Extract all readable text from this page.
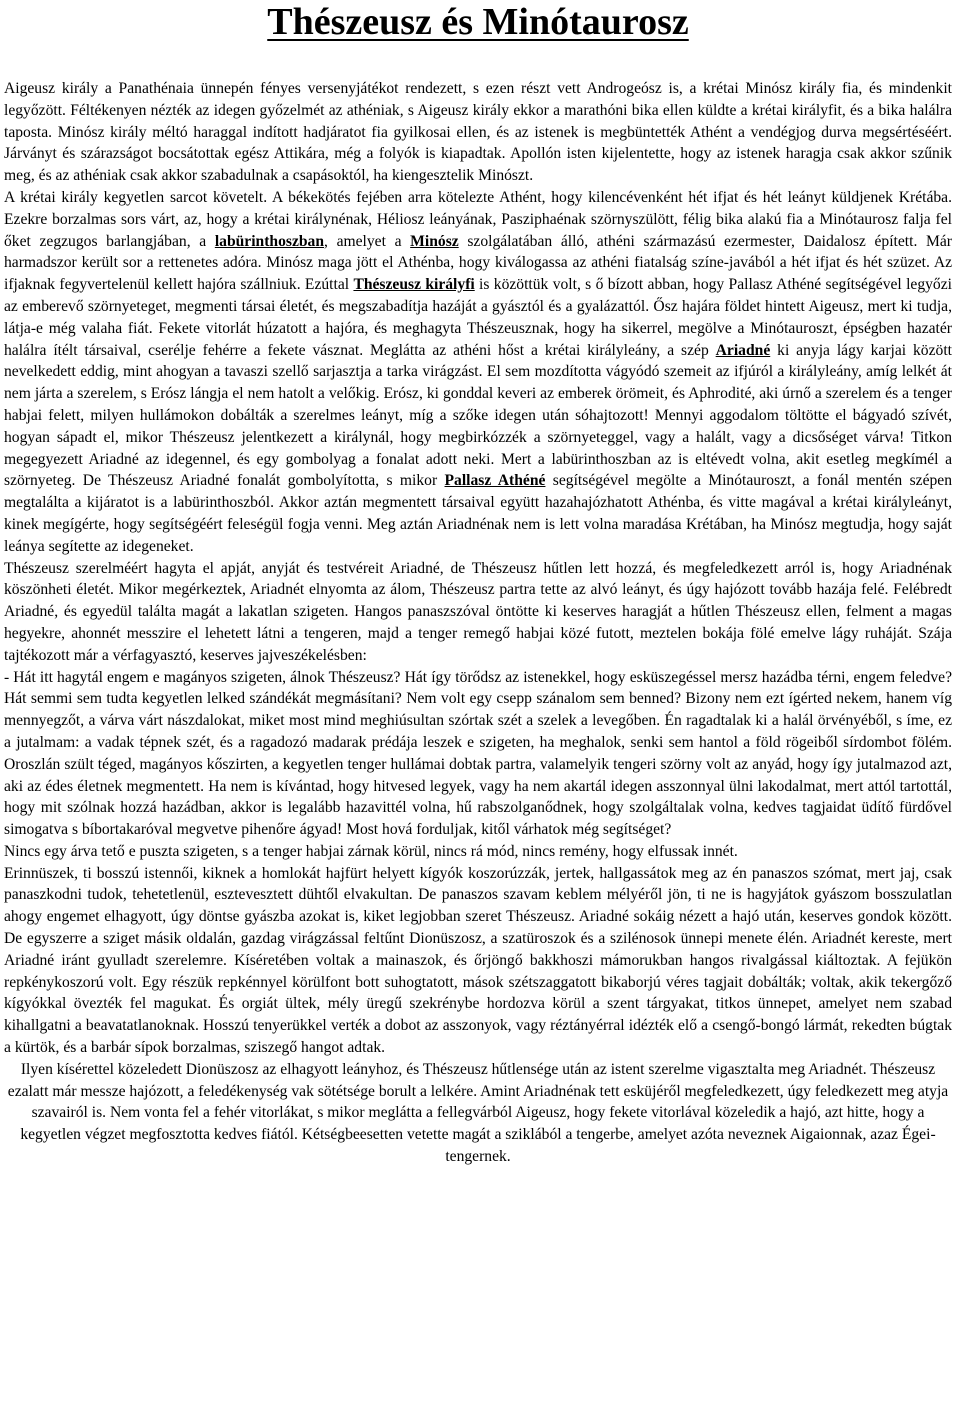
Thészeusz és Minótaurosz

Aigeusz király a Panathénaia ünnepén fényes versenyjátékot rendezett, s ezen részt vett Androgeósz is, a krétai Minósz király fia, és mindenkit legyőzött. Féltékenyen nézték az idegen győzelmét az athéniak, s Aigeusz király ekkor a marathóni bika ellen küldte a krétai királyfit, és a bika halálra taposta. Minósz király méltó haraggal indított hadjáratot fia gyilkosai ellen, és az istenek is megbüntették Athént a vendégjog durva megsértéséért. Járványt és szárazságot bocsátottak egész Attikára, még a folyók is kiapadtak. Apollón isten kijelentette, hogy az istenek haragja csak akkor szűnik meg, és az athéniak csak akkor szabadulnak a csapásoktól, ha kiengesztelik Minószt.

A krétai király kegyetlen sarcot követelt. A békekötés fejében arra kötelezte Athént, hogy kilencévenként hét ifjat és hét leányt küldjenek Krétába. Ezekre borzalmas sors várt, az, hogy a krétai királynénak, Héliosz leányának, Pasziphaénak szörnyszülött, félig bika alakú fia a Minótaurosz falja fel őket zegzugos barlangjában, a labürinthoszban, amelyet a Minósz szolgálatában álló, athéni származású ezermester, Daidalosz épített. Már harmadszor került sor a rettenetes adóra. Minósz maga jött el Athénba, hogy kiválogassa az athéni fiatalság színe-javából a hét ifjat és hét szüzet. Az ifjaknak fegyvertelenül kellett hajóra szállniuk. Ezúttal Thészeusz királyfi is közöttük volt, s ő bízott abban, hogy Pallasz Athéné segítségével legyőzi az emberevő szörnyeteget, megmenti társai életét, és megszabadítja hazáját a gyásztól és a gyalázattól. Ősz hajára földet hintett Aigeusz, mert ki tudja, látja-e még valaha fiát. Fekete vitorlát húzatott a hajóra, és meghagyta Thészeusznak, hogy ha sikerrel, megölve a Minótauroszt, épségben hazatér halálra ítélt társaival, cserélje fehérre a fekete vásznat. Meglátta az athéni hőst a krétai királyleány, a szép Ariadné ki anyja lágy karjai között nevelkedett eddig, mint ahogyan a tavaszi szellő sarjasztja a tarka virágzást. El sem mozdította vágyódó szemeit az ifjúról a királyleány, amíg lelkét át nem járta a szerelem, s Erósz lángja el nem hatolt a velőkig. Erósz, ki gonddal keveri az emberek örömeit, és Aphrodité, aki úrnő a szerelem és a tenger habjai felett, milyen hullámokon dobálták a szerelmes leányt, míg a szőke idegen után sóhajtozott! Mennyi aggodalom töltötte el bágyadó szívét, hogyan sápadt el, mikor Thészeusz jelentkezett a királynál, hogy megbirkózzék a szörnyeteggel, vagy a halált, vagy a dicsőséget várva! Titkon megegyezett Ariadné az idegennel, és egy gombolyag a fonalat adott neki. Mert a labürinthoszban az is eltévedt volna, akit esetleg megkímél a szörnyeteg. De Thészeusz Ariadné fonalát gombolyította, s mikor Pallasz Athéné segítségével megölte a Minótauroszt, a fonál mentén szépen megtalálta a kijáratot is a labürinthoszból. Akkor aztán megmentett társaival együtt hazahajózhatott Athénba, és vitte magával a krétai királyleányt, kinek megígérte, hogy segítségéért feleségül fogja venni. Meg aztán Ariadnénak nem is lett volna maradása Krétában, ha Minósz megtudja, hogy saját leánya segítette az idegeneket.

Thészeusz szerelméért hagyta el apját, anyját és testvéreit Ariadné, de Thészeusz hűtlen lett hozzá, és megfeledkezett arról is, hogy Ariadnénak köszönheti életét. Mikor megérkeztek, Ariadnét elnyomta az álom, Thészeusz partra tette az alvó leányt, és úgy hajózott tovább hazája felé. Felébredt Ariadné, és egyedül találta magát a lakatlan szigeten. Hangos panaszszóval öntötte ki keserves haragját a hűtlen Thészeusz ellen, felment a magas hegyekre, ahonnét messzire el lehetett látni a tengeren, majd a tenger remegő habjai közé futott, meztelen bokája fölé emelve lágy ruháját. Szája tajtékozott már a vérfagyasztó, keserves jajveszékelésben:

- Hát itt hagytál engem e magányos szigeten, álnok Thészeusz? Hát így törődsz az istenekkel, hogy esküszegéssel mersz hazádba térni, engem feledve? Hát semmi sem tudta kegyetlen lelked szándékát megmásítani? Nem volt egy csepp szánalom sem benned? Bizony nem ezt ígérted nekem, hanem víg mennyegzőt, a várva várt nászdalokat, miket most mind meghiúsultan szórtak szét a szelek a levegőben. Én ragadtalak ki a halál örvényéből, s íme, ez a jutalmam: a vadak tépnek szét, és a ragadozó madarak prédája leszek e szigeten, ha meghalok, senki sem hantol a föld rögeiből sírdombot fölém. Oroszlán szült téged, magányos kőszirten, a kegyetlen tenger hullámai dobtak partra, valamelyik tengeri szörny volt az anyád, hogy így jutalmazod azt, aki az édes életnek megmentett. Ha nem is kívántad, hogy hitvesed legyek, vagy ha nem akartál idegen asszonnyal ülni lakodalmat, mert attól tartottál, hogy mit szólnak hozzá hazádban, akkor is legalább hazavittél volna, hű rabszolganődnek, hogy szolgáltalak volna, kedves tagjaidat üdítő fürdővel simogatva s bíbortakaróval megvetve pihenőre ágyad! Most hová forduljak, kitől várhatok még segítséget?

Nincs egy árva tető e puszta szigeten, s a tenger habjai zárnak körül, nincs rá mód, nincs remény, hogy elfussak innét.

Erinnüszek, ti bosszú istennői, kiknek a homlokát hajfürt helyett kígyók koszorúzzák, jertek, hallgassátok meg az én panaszos szómat, mert jaj, csak panaszkodni tudok, tehetetlenül, esztevesztett dühtől elvakultan. De panaszos szavam keblem mélyéről jön, ti ne is hagyjátok gyászom bosszulatlan ahogy engemet elhagyott, úgy döntse gyászba azokat is, kiket legjobban szeret Thészeusz. Ariadné sokáig nézett a hajó után, keserves gondok között. De egyszerre a sziget másik oldalán, gazdag virágzással feltűnt Dionüszosz, a szatüroszok és a szilénosok ünnepi menete élén. Ariadnét kereste, mert Ariadné iránt gyulladt szerelemre. Kíséretében voltak a mainaszok, és őrjöngő bakkhoszi mámorukban hangos rivalgással kiáltoztak. A fejükön repkénykoszorú volt. Egy részük repkénnyel körülfont bott suhogtatott, mások szétszaggatott bikaborjú véres tagjait dobálták; voltak, akik tekergőző kígyókkal övezték fel magukat. És orgiát ültek, mély üregű szekrénybe hordozva körül a szent tárgyakat, titkos ünnepet, amelyet nem szabad kihallgatni a beavatatlanoknak. Hosszú tenyerükkel verték a dobot az asszonyok, vagy réztányérral idézték elő a csengő-bongó lármát, rekedten búgtak a kürtök, és a barbár sípok borzalmas, sziszegő hangot adtak.

Ilyen kísérettel közeledett Dionüszosz az elhagyott leányhoz, és Thészeusz hűtlensége után az istent szerelme vigasztalta meg Ariadnét. Thészeusz ezalatt már messze hajózott, a feledékenység vak sötétsége borult a lelkére. Amint Ariadnénak tett esküjéről megfeledkezett, úgy feledkezett meg atyja szavairól is. Nem vonta fel a fehér vitorlákat, s mikor meglátta a fellegvárból Aigeusz, hogy fekete vitorlával közeledik a hajó, azt hitte, hogy a kegyetlen végzet megfosztotta kedves fiától. Kétségbeesetten vetette magát a sziklából a tengerbe, amelyet azóta neveznek Aigaionnak, azaz Égei-tengernek.
